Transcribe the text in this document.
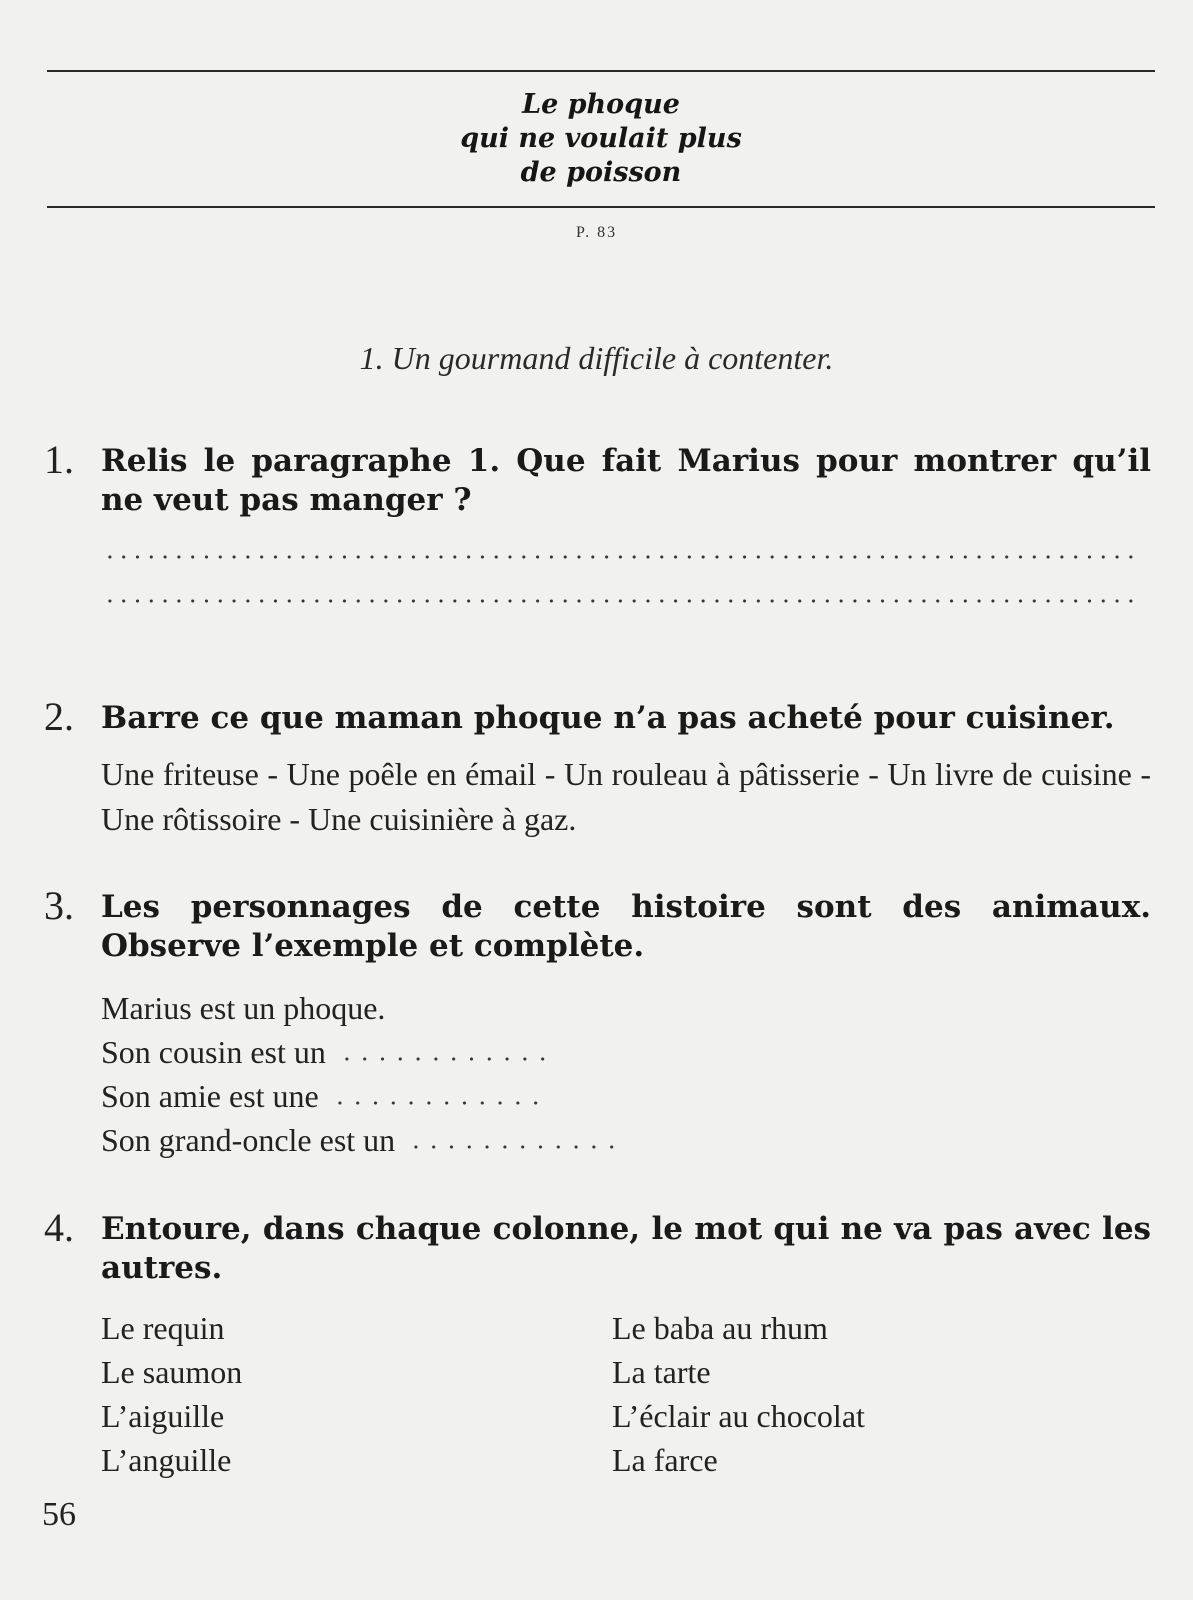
Le phoque
qui ne voulait plus
de poisson
P. 83
1. Un gourmand difficile à contenter.
1. Relis le paragraphe 1. Que fait Marius pour montrer qu’il ne veut pas manger ?
2. Barre ce que maman phoque n’a pas acheté pour cuisiner.
Une friteuse - Une poêle en émail - Un rouleau à pâtisserie - Un livre de cuisine - Une rôtissoire - Une cuisinière à gaz.
3. Les personnages de cette histoire sont des animaux. Observe l’exemple et complète.
Marius est un phoque.
Son cousin est un
Son amie est une
Son grand-oncle est un
4. Entoure, dans chaque colonne, le mot qui ne va pas avec les autres.
Le requin
Le saumon
L’aiguille
L’anguille
Le baba au rhum
La tarte
L’éclair au chocolat
La farce
56
